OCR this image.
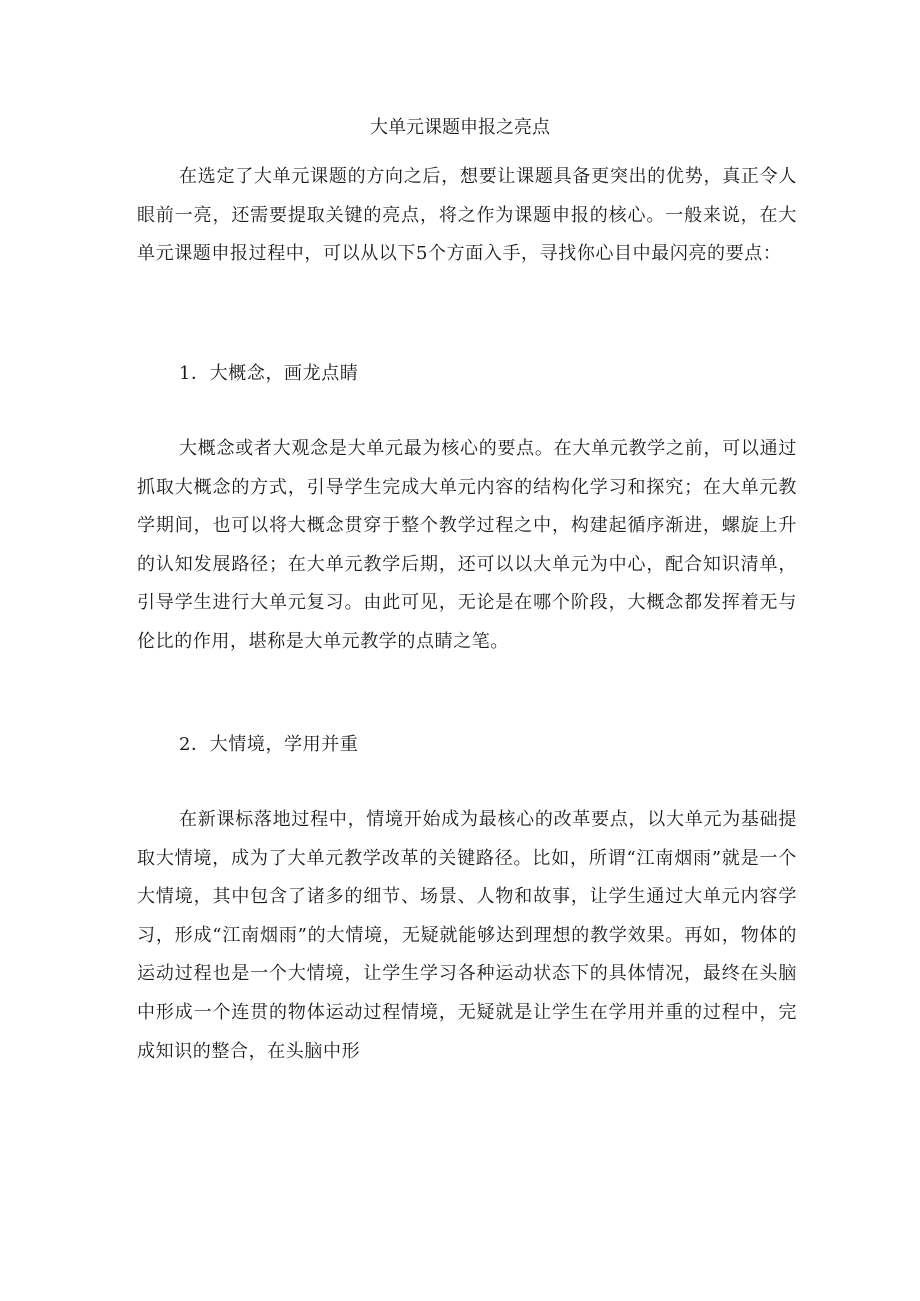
大单元课题申报之亮点

在选定了大单元课题的方向之后，想要让课题具备更突出的优势，真正令人眼前一亮，还需要提取关键的亮点，将之作为课题申报的核心。一般来说，在大单元课题申报过程中，可以从以下5个方面入手，寻找你心目中最闪亮的要点：

1．大概念，画龙点睛

大概念或者大观念是大单元最为核心的要点。在大单元教学之前，可以通过抓取大概念的方式，引导学生完成大单元内容的结构化学习和探究；在大单元教学期间，也可以将大概念贯穿于整个教学过程之中，构建起循序渐进，螺旋上升的认知发展路径；在大单元教学后期，还可以以大单元为中心，配合知识清单，引导学生进行大单元复习。由此可见，无论是在哪个阶段，大概念都发挥着无与伦比的作用，堪称是大单元教学的点睛之笔。

2．大情境，学用并重

在新课标落地过程中，情境开始成为最核心的改革要点，以大单元为基础提取大情境，成为了大单元教学改革的关键路径。比如，所谓“江南烟雨”就是一个大情境，其中包含了诸多的细节、场景、人物和故事，让学生通过大单元内容学习，形成“江南烟雨”的大情境，无疑就能够达到理想的教学效果。再如，物体的运动过程也是一个大情境，让学生学习各种运动状态下的具体情况，最终在头脑中形成一个连贯的物体运动过程情境，无疑就是让学生在学用并重的过程中，完成知识的整合，在头脑中形
